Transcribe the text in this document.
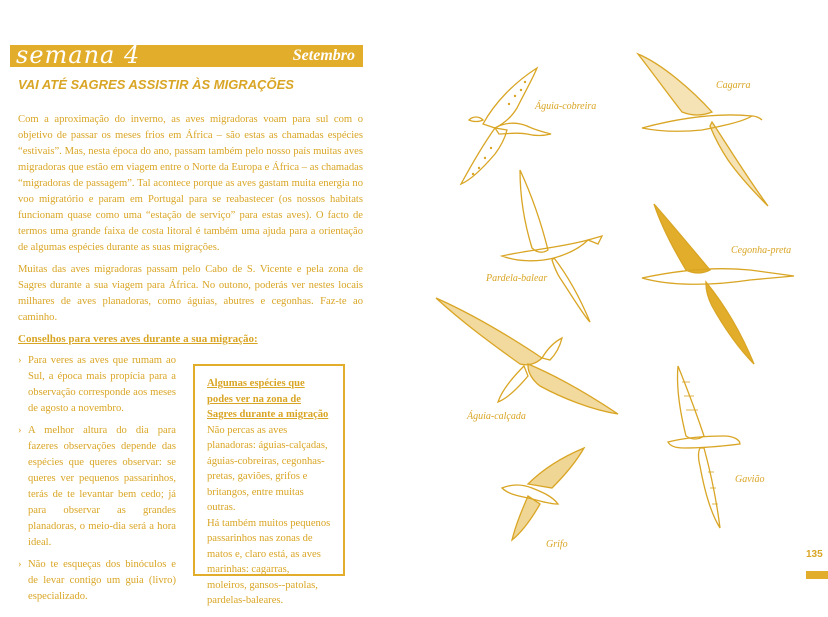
semana 4	Setembro
VAI ATÉ SAGRES ASSISTIR ÀS MIGRAÇÕES
Com a aproximação do inverno, as aves migradoras voam para sul com o objetivo de passar os meses frios em África – são estas as chamadas espécies “estivais”. Mas, nesta época do ano, passam também pelo nosso país muitas aves migradoras que estão em viagem entre o Norte da Europa e África – as chamadas “migradoras de passagem”. Tal acontece porque as aves gastam muita energia no voo migratório e param em Portugal para se reabastecer (os nossos habitats funcionam quase como uma “estação de serviço” para estas aves). O facto de termos uma grande faixa de costa litoral é também uma ajuda para a orientação de algumas espécies durante as suas migrações.
Muitas das aves migradoras passam pelo Cabo de S. Vicente e pela zona de Sagres durante a sua viagem para África. No outono, poderás ver nestes locais milhares de aves planadoras, como águias, abutres e cegonhas. Faz-te ao caminho.
Conselhos para veres aves durante a sua migração:
› Para veres as aves que rumam ao Sul, a época mais propícia para a observação corresponde aos meses de agosto a novembro.
› A melhor altura do dia para fazeres observações depende das espécies que queres observar: se queres ver pequenos passarinhos, terás de te levantar bem cedo; já para observar as grandes planadoras, o meio-dia será a hora ideal.
› Não te esqueças dos binóculos e de levar contigo um guia (livro) especializado.
Algumas espécies que podes ver na zona de Sagres durante a migração
Não percas as aves planadoras: águias-calçadas, águias-cobreiras, cegonhas-pretas, gaviões, grifos e britangos, entre muitas outras.
Há também muitos pequenos passarinhos nas zonas de matos e, claro está, as aves marinhas: cagarras, moleiros, gansos--patolas, pardelas-baleares.
Águia-cobreira
Cagarra
Pardela-balear
Cegonha-preta
Águia-calçada
Grifo
Gavião
135
